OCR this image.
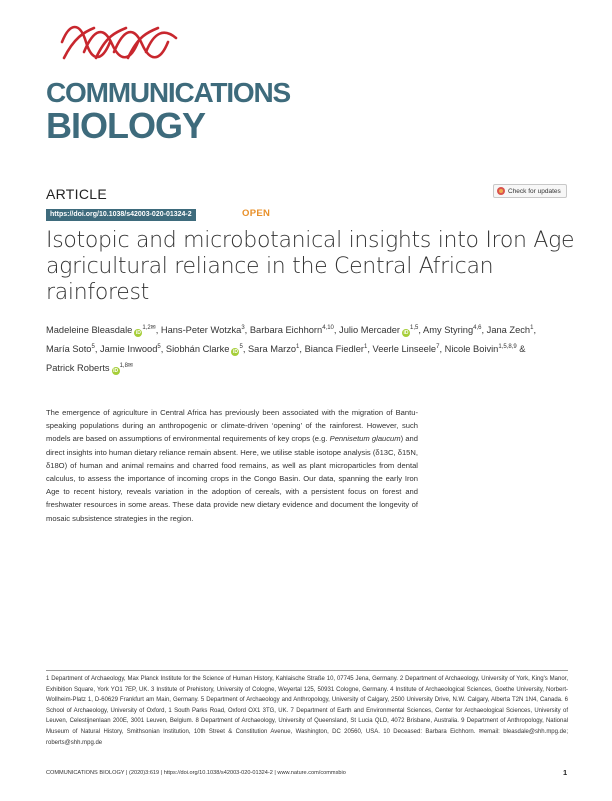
COMMUNICATIONS
BIOLOGY
ARTICLE	Check for updates
https://doi.org/10.1038/s42003-020-01324-2	OPEN
Isotopic and microbotanical insights into Iron Age agricultural reliance in the Central African rainforest
Madeleine Bleasdale $iD^{1,2✉}$, Hans-Peter Wotzka$^3$, Barbara Eichhorn$^{4,10}$, Julio Mercader iD$^{1,5}$, Amy Styring$^{4,6}$, Jana Zech$^1$, María Soto$^5$, Jamie Inwood$^5$, Siobhán Clarke $iD^5$, Sara Marzo$^1$, Bianca Fiedler$^1$, Veerle Linseele$^7$, Nicole Boivin$^{1,5,8,9}$ & Patrick Roberts $iD^{1,8✉}$
The emergence of agriculture in Central Africa has previously been associated with the migration of Bantu-speaking populations during an anthropogenic or climate-driven ‘opening’ of the rainforest. However, such models are based on assumptions of environmental requirements of key crops (e.g. Pennisetum glaucum) and direct insights into human dietary reliance remain absent. Here, we utilise stable isotope analysis (δ13C, δ15N, δ18O) of human and animal remains and charred food remains, as well as plant microparticles from dental calculus, to assess the importance of incoming crops in the Congo Basin. Our data, spanning the early Iron Age to recent history, reveals variation in the adoption of cereals, with a persistent focus on forest and freshwater resources in some areas. These data provide new dietary evidence and document the longevity of mosaic subsistence strategies in the region.
1 Department of Archaeology, Max Planck Institute for the Science of Human History, Kahlaische Straße 10, 07745 Jena, Germany. 2 Department of Archaeology, University of York, King's Manor, Exhibition Square, York YO1 7EP, UK. 3 Institute of Prehistory, University of Cologne, Weyertal 125, 50931 Cologne, Germany. 4 Institute of Archaeological Sciences, Goethe University, Norbert-Wollheim-Platz 1, D-60629 Frankfurt am Main, Germany. 5 Department of Archaeology and Anthropology, University of Calgary, 2500 University Drive, N.W. Calgary, Alberta T2N 1N4, Canada. 6 School of Archaeology, University of Oxford, 1 South Parks Road, Oxford OX1 3TG, UK. 7 Department of Earth and Environmental Sciences, Center for Archaeological Sciences, University of Leuven, Celestijnenlaan 200E, 3001 Leuven, Belgium. 8 Department of Archaeology, University of Queensland, St Lucia QLD, 4072 Brisbane, Australia. 9 Department of Anthropology, National Museum of Natural History, Smithsonian Institution, 10th Street & Constitution Avenue, Washington, DC 20560, USA. 10 Deceased: Barbara Eichhorn. ✉email: bleasdale@shh.mpg.de; roberts@shh.mpg.de
COMMUNICATIONS BIOLOGY | (2020)3:619 | https://doi.org/10.1038/s42003-020-01324-2 | www.nature.com/commsbio	1
